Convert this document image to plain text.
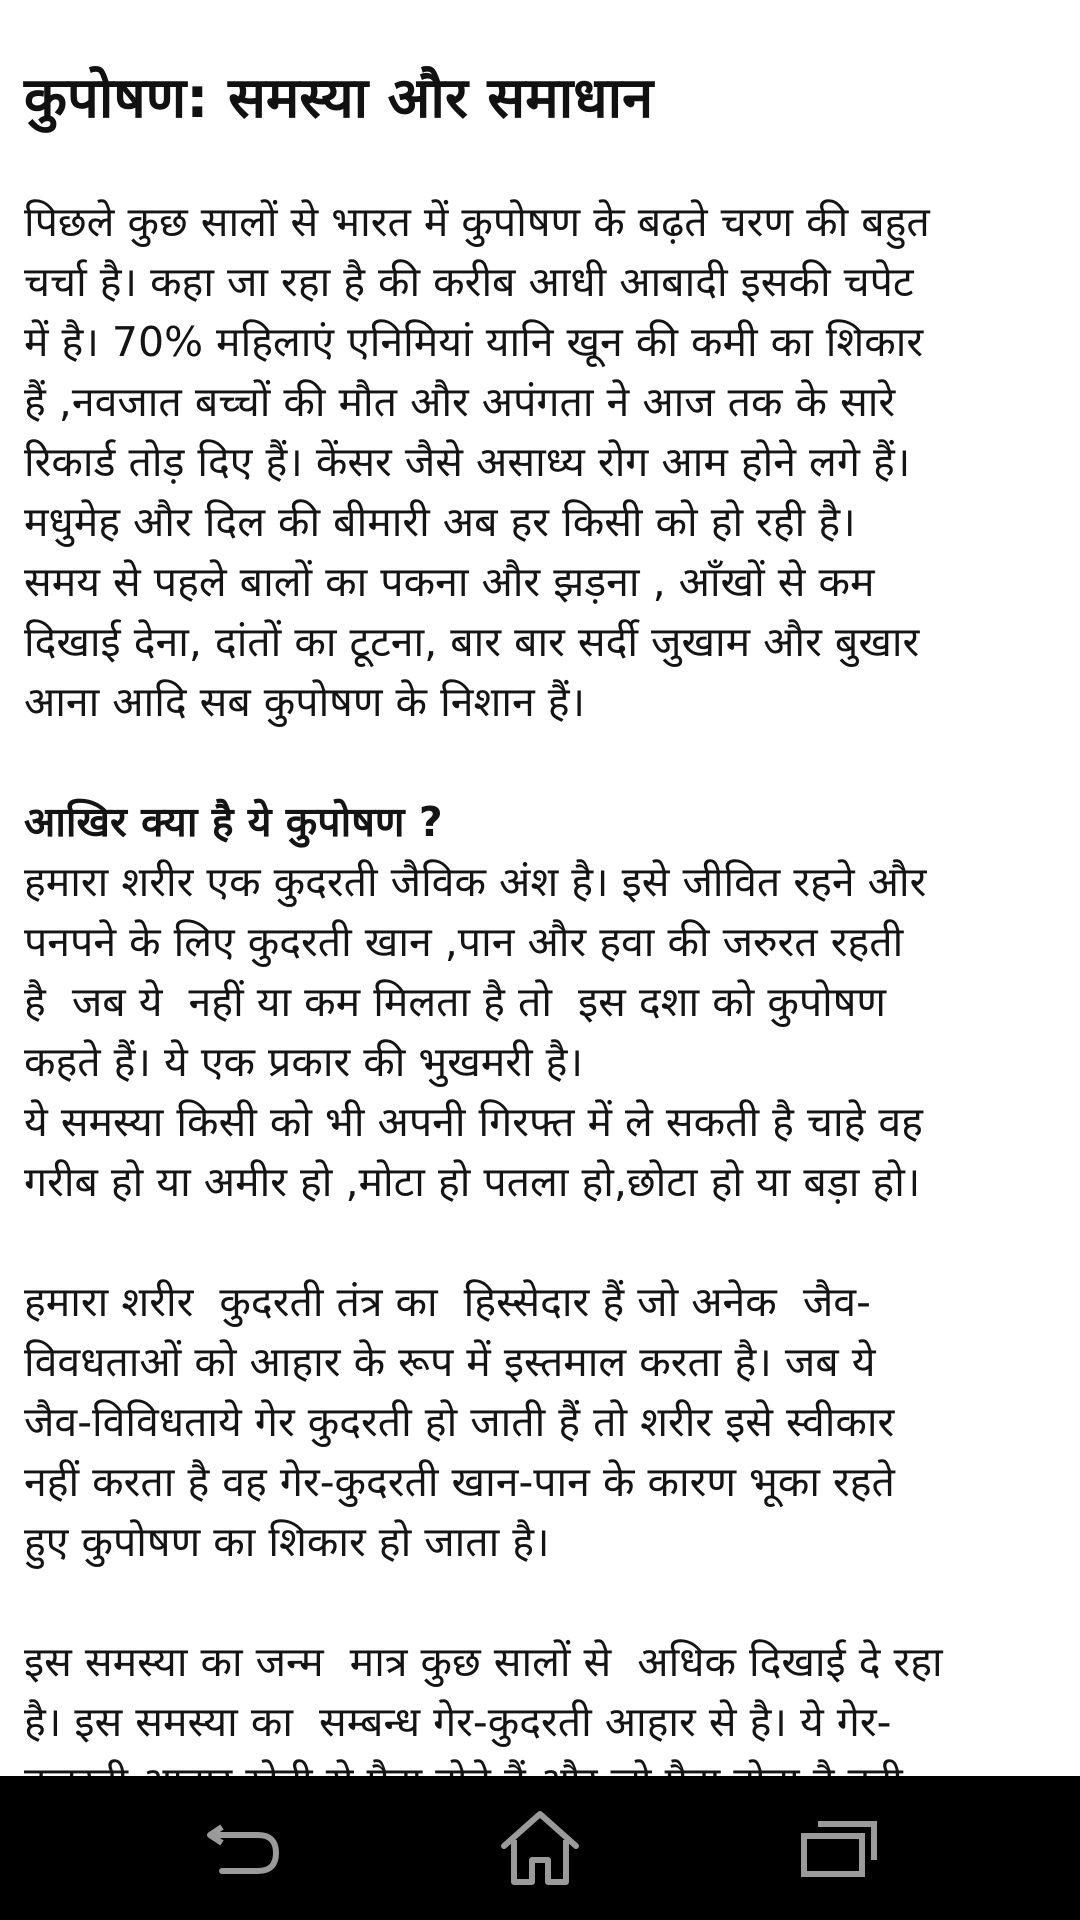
कुपोषण: समस्या और समाधान
पिछले कुछ सालों से भारत में कुपोषण के बढ़ते चरण की बहुत
चर्चा है। कहा जा रहा है की करीब आधी आबादी इसकी चपेट
में है। 70% महिलाएं एनिमियां यानि खून की कमी का शिकार
हैं ,नवजात बच्चों की मौत और अपंगता ने आज तक के सारे
रिकार्ड तोड़ दिए हैं। केंसर जैसे असाध्य रोग आम होने लगे हैं।
मधुमेह और दिल की बीमारी अब हर किसी को हो रही है।
समय से पहले बालों का पकना और झड़ना , आँखों से कम
दिखाई देना, दांतों का टूटना, बार बार सर्दी जुखाम और बुखार
आना आदि सब कुपोषण के निशान हैं।
आखिर क्या है ये कुपोषण ?
हमारा शरीर एक कुदरती जैविक अंश है। इसे जीवित रहने और
पनपने के लिए कुदरती खान ,पान और हवा की जरुरत रहती
है  जब ये  नहीं या कम मिलता है तो  इस दशा को कुपोषण
कहते हैं। ये एक प्रकार की भुखमरी है।
ये समस्या किसी को भी अपनी गिरफ्त में ले सकती है चाहे वह
गरीब हो या अमीर हो ,मोटा हो पतला हो,छोटा हो या बड़ा हो।
हमारा शरीर  कुदरती तंत्र का  हिस्सेदार हैं जो अनेक  जैव-
विवधताओं को आहार के रूप में इस्तमाल करता है। जब ये
जैव-विविधताये गेर कुदरती हो जाती हैं तो शरीर इसे स्वीकार
नहीं करता है वह गेर-कुदरती खान-पान के कारण भूका रहते
हुए कुपोषण का शिकार हो जाता है।
इस समस्या का जन्म  मात्र कुछ सालों से  अधिक दिखाई दे रहा
है। इस समस्या का  सम्बन्ध गेर-कुदरती आहार से है। ये गेर-
